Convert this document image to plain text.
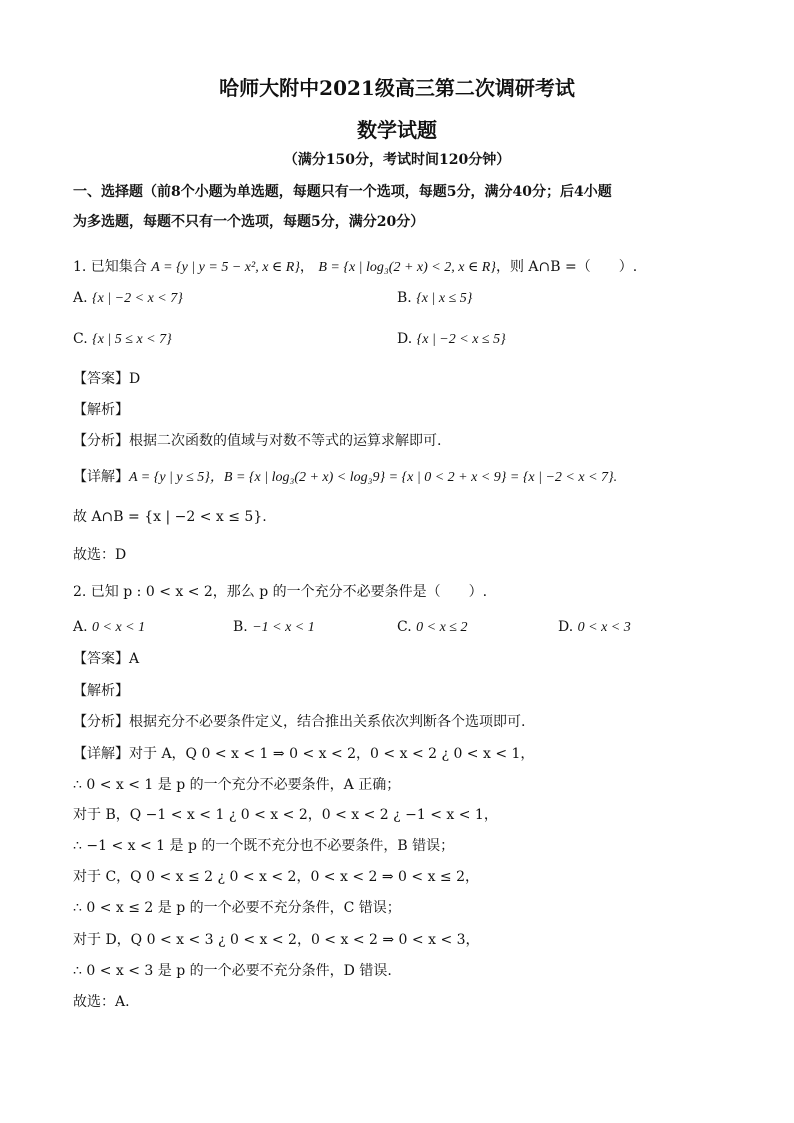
哈师大附中2021级高三第二次调研考试
数学试题
（满分150分，考试时间120分钟）
一、选择题（前8个小题为单选题，每题只有一个选项，每题5分，满分40分；后4小题
为多选题，每题不只有一个选项，每题5分，满分20分）
1. 已知集合 A = {y | y = 5 − x², x ∈ R}， B = {x | log₃(2 + x) < 2, x ∈ R}，则 A∩B =（　　）.
A. {x | −2 < x < 7}	B. {x | x ≤ 5}
C. {x | 5 ≤ x < 7}	D. {x | −2 < x ≤ 5}
【答案】D
【解析】
【分析】根据二次函数的值域与对数不等式的运算求解即可.
【详解】A = {y | y ≤ 5}，B = {x | log₃(2 + x) < log₃9} = {x | 0 < 2 + x < 9} = {x | −2 < x < 7}.
故 A∩B = {x | −2 < x ≤ 5}.
故选：D
2. 已知 p : 0 < x < 2，那么 p 的一个充分不必要条件是（　　）.
A. 0 < x < 1	B. −1 < x < 1	C. 0 < x ≤ 2	D. 0 < x < 3
【答案】A
【解析】
【分析】根据充分不必要条件定义，结合推出关系依次判断各个选项即可.
【详解】对于 A，Q 0 < x < 1 ⇒ 0 < x < 2，0 < x < 2 ¿ 0 < x < 1，
∴ 0 < x < 1 是 p 的一个充分不必要条件，A 正确；
对于 B，Q −1 < x < 1 ¿ 0 < x < 2，0 < x < 2 ¿ −1 < x < 1，
∴ −1 < x < 1 是 p 的一个既不充分也不必要条件，B 错误；
对于 C，Q 0 < x ≤ 2 ¿ 0 < x < 2，0 < x < 2 ⇒ 0 < x ≤ 2，
∴ 0 < x ≤ 2 是 p 的一个必要不充分条件，C 错误；
对于 D，Q 0 < x < 3 ¿ 0 < x < 2，0 < x < 2 ⇒ 0 < x < 3，
∴ 0 < x < 3 是 p 的一个必要不充分条件，D 错误.
故选：A.
